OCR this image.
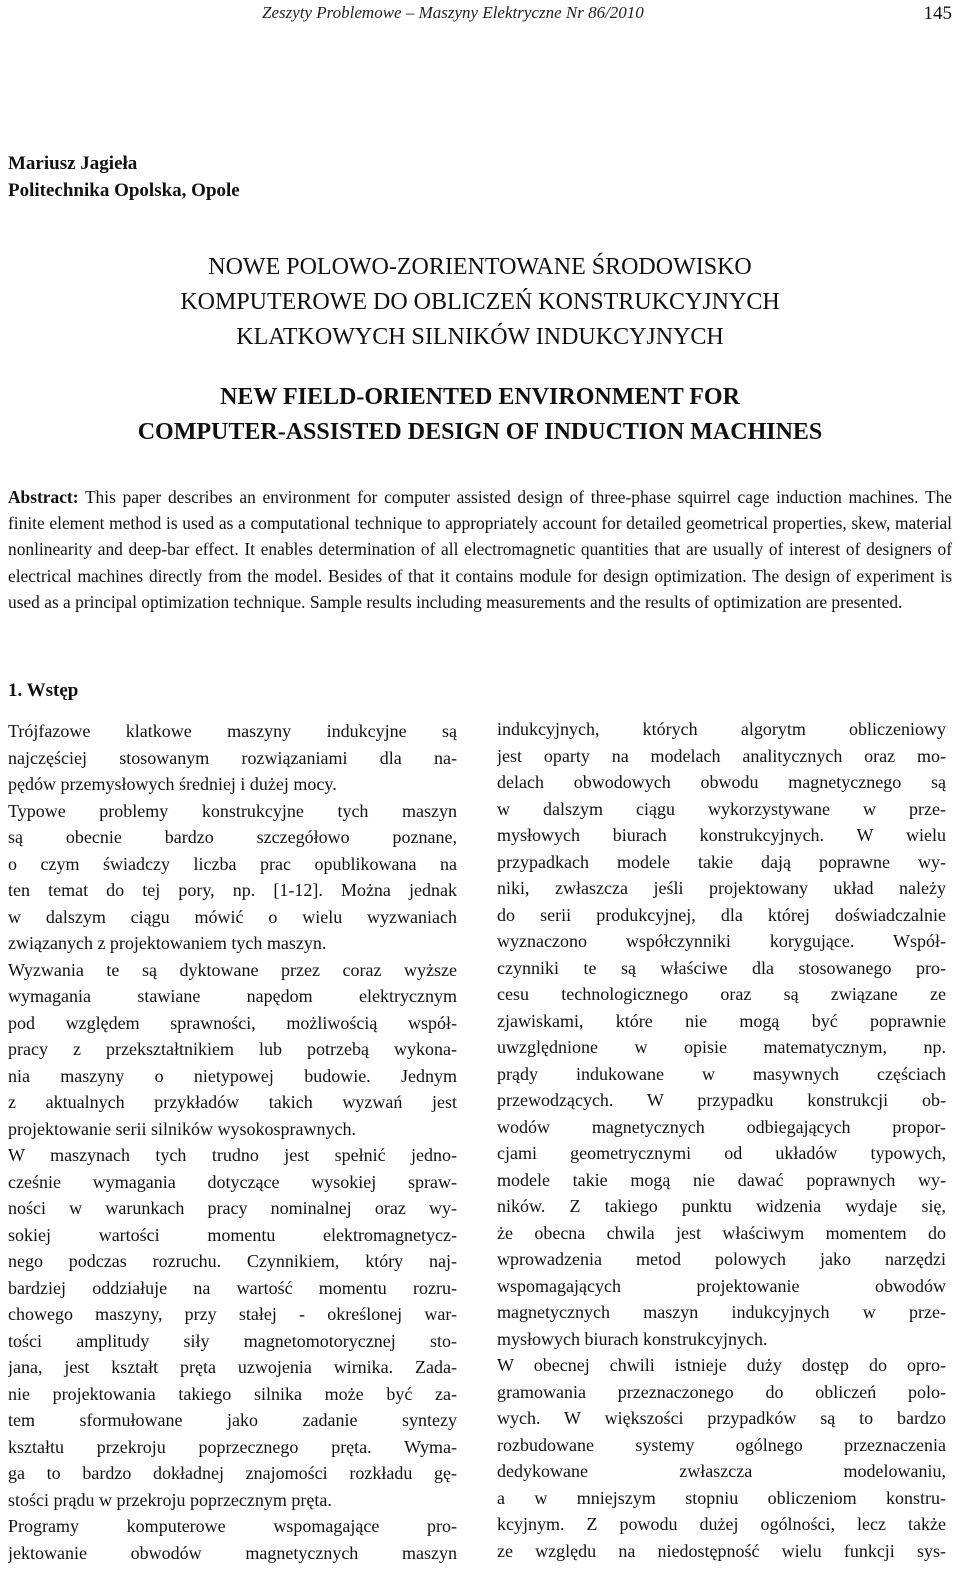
Zeszyty Problemowe – Maszyny Elektryczne Nr 86/2010	145
Mariusz Jagieła
Politechnika Opolska, Opole
NOWE POLOWO-ZORIENTOWANE ŚRODOWISKO
KOMPUTEROWE DO OBLICZEŃ KONSTRUKCYJNYCH
KLATKOWYCH SILNIKÓW INDUKCYJNYCH
NEW FIELD-ORIENTED ENVIRONMENT FOR
COMPUTER-ASSISTED DESIGN OF INDUCTION MACHINES
Abstract: This paper describes an environment for computer assisted design of three-phase squirrel cage induction machines. The finite element method is used as a computational technique to appropriately account for detailed geometrical properties, skew, material nonlinearity and deep-bar effect. It enables determination of all electromagnetic quantities that are usually of interest of designers of electrical machines directly from the model. Besides of that it contains module for design optimization. The design of experiment is used as a principal optimization technique. Sample results including measurements and the results of optimization are presented.
1. Wstęp
Trójfazowe klatkowe maszyny indukcyjne są
najczęściej stosowanym rozwiązaniami dla na-
pędów przemysłowych średniej i dużej mocy.
Typowe problemy konstrukcyjne tych maszyn
są obecnie bardzo szczegółowo poznane,
o czym świadczy liczba prac opublikowana na
ten temat do tej pory, np. [1-12]. Można jednak
w dalszym ciągu mówić o wielu wyzwaniach
związanych z projektowaniem tych maszyn.
Wyzwania te są dyktowane przez coraz wyższe
wymagania stawiane napędom elektrycznym
pod względem sprawności, możliwością współ-
pracy z przekształtnikiem lub potrzebą wykona-
nia maszyny o nietypowej budowie. Jednym
z aktualnych przykładów takich wyzwań jest
projektowanie serii silników wysokosprawnych.
W maszynach tych trudno jest spełnić jedno-
cześnie wymagania dotyczące wysokiej spraw-
ności w warunkach pracy nominalnej oraz wy-
sokiej wartości momentu elektromagnetycz-
nego podczas rozruchu. Czynnikiem, który naj-
bardziej oddziałuje na wartość momentu rozru-
chowego maszyny, przy stałej - określonej war-
tości amplitudy siły magnetomotorycznej sto-
jana, jest kształt pręta uzwojenia wirnika. Zada-
nie projektowania takiego silnika może być za-
tem sformułowane jako zadanie syntezy
kształtu przekroju poprzecznego pręta. Wyma-
ga to bardzo dokładnej znajomości rozkładu gę-
stości prądu w przekroju poprzecznym pręta.
Programy komputerowe wspomagające pro-
jektowanie obwodów magnetycznych maszyn
indukcyjnych, których algorytm obliczeniowy
jest oparty na modelach analitycznych oraz mo-
delach obwodowych obwodu magnetycznego są
w dalszym ciągu wykorzystywane w prze-
mysłowych biurach konstrukcyjnych. W wielu
przypadkach modele takie dają poprawne wy-
niki, zwłaszcza jeśli projektowany układ należy
do serii produkcyjnej, dla której doświadczalnie
wyznaczono współczynniki korygujące. Współ-
czynniki te są właściwe dla stosowanego pro-
cesu technologicznego oraz są związane ze
zjawiskami, które nie mogą być poprawnie
uwzględnione w opisie matematycznym, np.
prądy indukowane w masywnych częściach
przewodzących. W przypadku konstrukcji ob-
wodów magnetycznych odbiegających propor-
cjami geometrycznymi od układów typowych,
modele takie mogą nie dawać poprawnych wy-
ników. Z takiego punktu widzenia wydaje się,
że obecna chwila jest właściwym momentem do
wprowadzenia metod polowych jako narzędzi
wspomagających projektowanie obwodów
magnetycznych maszyn indukcyjnych w prze-
mysłowych biurach konstrukcyjnych.
W obecnej chwili istnieje duży dostęp do opro-
gramowania przeznaczonego do obliczeń polo-
wych. W większości przypadków są to bardzo
rozbudowane systemy ogólnego przeznaczenia
dedykowane zwłaszcza modelowaniu,
a w mniejszym stopniu obliczeniom konstru-
kcyjnym. Z powodu dużej ogólności, lecz także
ze względu na niedostępność wielu funkcji sys-
